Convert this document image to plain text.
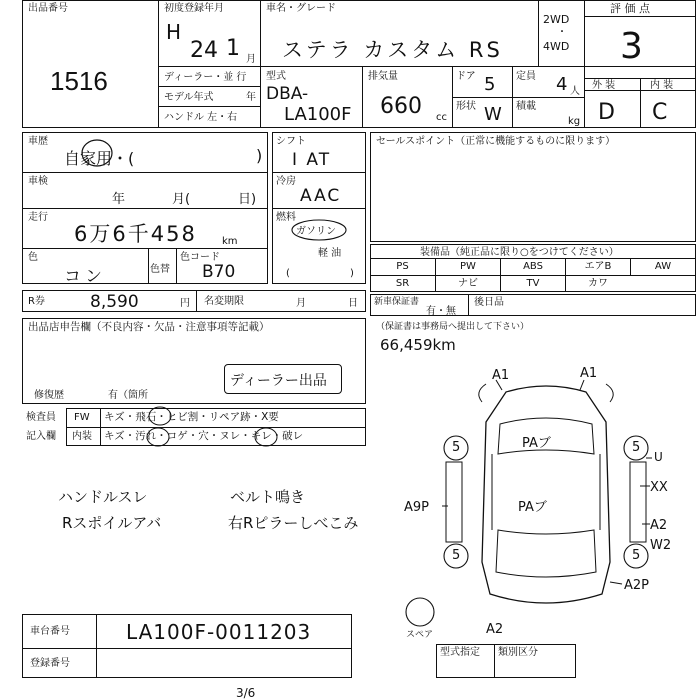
出品番号
1516
初度登録年月
H
24 1 月
車名・グレード
ステラ カスタム RS
2WD
・
4WD
評 価 点
3
ディーラー・並 行
モデル年式	年
ハンドル 左・右
型式
DBA-
LA100F
排気量
660 cc
ドア 5 定員 4 人
形状 W 積載
kg
外 装	内 装
D C
車歴
自家用・(	)
車検
年	月(	日)
走行
6万6千458	km
色
コン	色替
色コード
B70
シフト
I AT
冷房
AAC
燃料
ガソリン
軽 油
(	)
セールスポイント（正常に機能するものに限ります）
装備品（純正品に限り○をつけてください）
PS	PW	ABS	エアB	AW
SR	ナビ	TV	カワ
新車保証書
有・無
後日品
R券	8,590	円 名変期限	月	日
出品店申告欄（不良内容・欠品・注意事項等記載）
修復歴	有（箇所
ディーラー出品
検査員
記入欄
FW キズ・飛石・ヒビ割・リペア跡・X要
内装 キズ・汚れ・コゲ・穴・ヌレ・キレ・破レ
ハンドルスレ
Rスポイルアバ
ベルト鳴き
右Rピラーしべこみ
（保証書は事務局へ提出して下さい）
66,459km
A1	A1
PAブ
PAブ
A9P
U
XX
A2
W2
A2P
A2
5	5
5	5
スペア
車台番号	LA100F-0011203
登録番号
型式指定 類別区分
3/6
